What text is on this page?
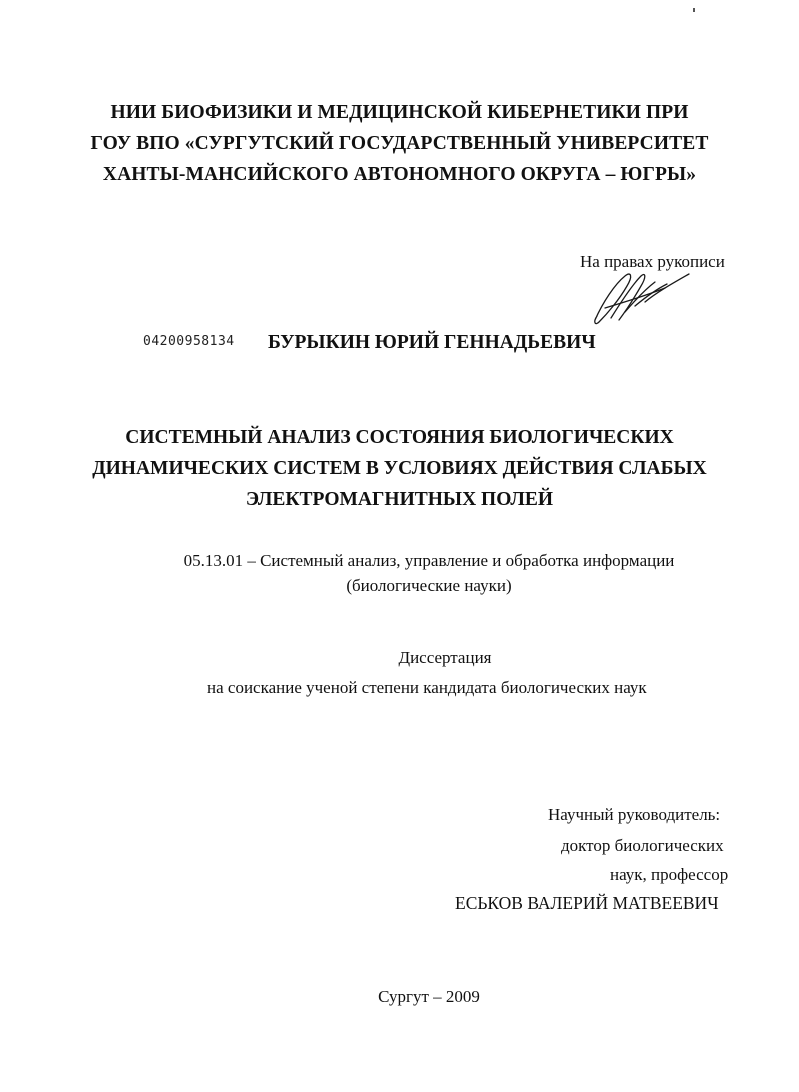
НИИ БИОФИЗИКИ И МЕДИЦИНСКОЙ КИБЕРНЕТИКИ ПРИ
ГОУ ВПО «СУРГУТСКИЙ ГОСУДАРСТВЕННЫЙ УНИВЕРСИТЕТ
ХАНТЫ-МАНСИЙСКОГО АВТОНОМНОГО ОКРУГА – ЮГРЫ»
На правах рукописи
04200958134 БУРЫКИН ЮРИЙ ГЕННАДЬЕВИЧ
СИСТЕМНЫЙ АНАЛИЗ СОСТОЯНИЯ БИОЛОГИЧЕСКИХ
ДИНАМИЧЕСКИХ СИСТЕМ В УСЛОВИЯХ ДЕЙСТВИЯ СЛАБЫХ
ЭЛЕКТРОМАГНИТНЫХ ПОЛЕЙ
05.13.01 – Системный анализ, управление и обработка информации
(биологические науки)
Диссертация
на соискание ученой степени кандидата биологических наук
Научный руководитель:
доктор биологических
наук, профессор
ЕСЬКОВ ВАЛЕРИЙ МАТВЕЕВИЧ
Сургут – 2009
